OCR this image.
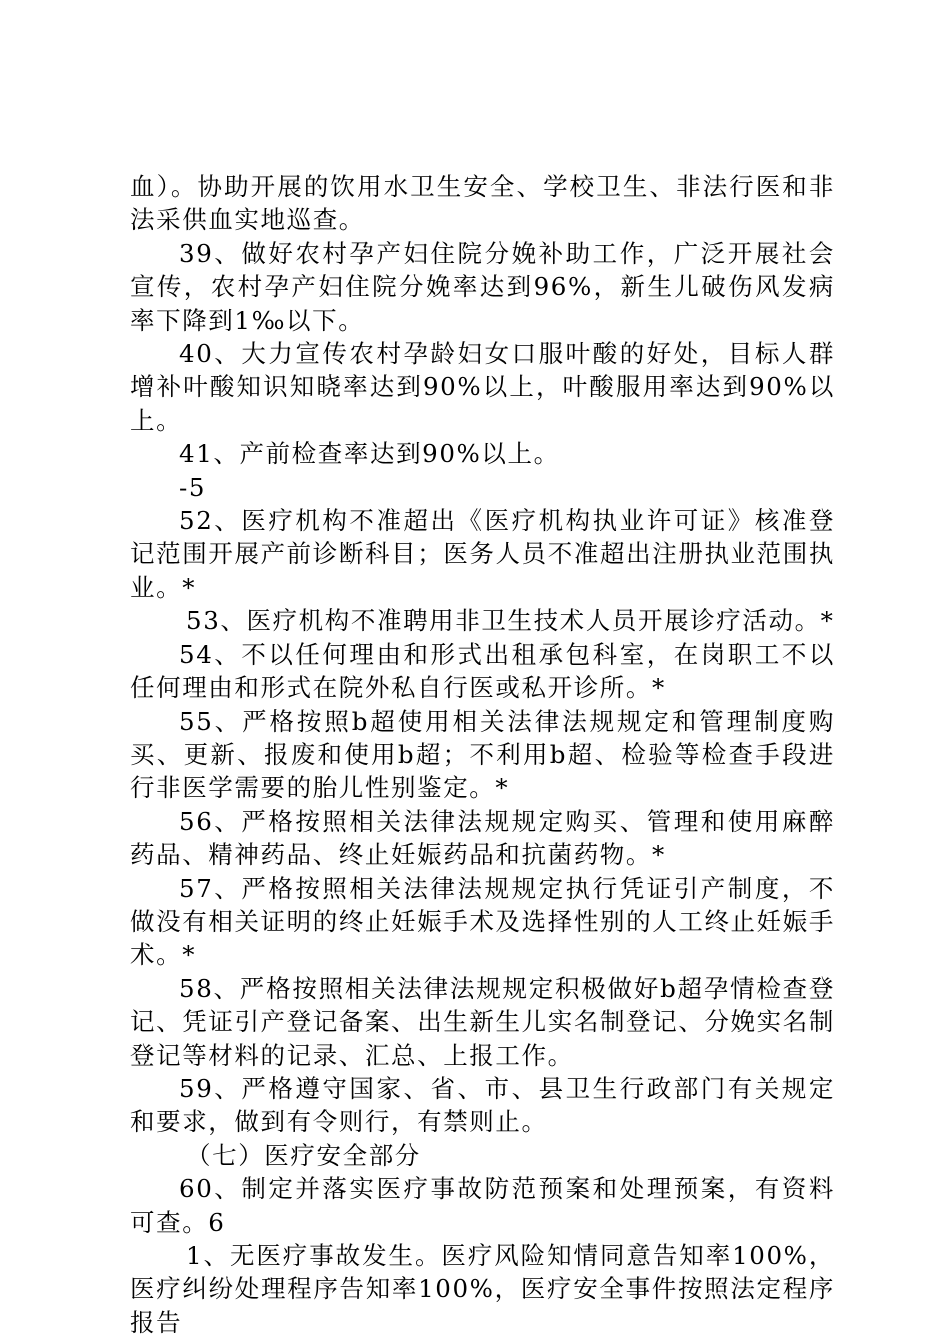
血）。协助开展的饮用水卫生安全、学校卫生、非法行医和非法采供血实地巡查。

39、做好农村孕产妇住院分娩补助工作，广泛开展社会宣传，农村孕产妇住院分娩率达到96%，新生儿破伤风发病率下降到1‰以下。

40、大力宣传农村孕龄妇女口服叶酸的好处，目标人群增补叶酸知识知晓率达到90%以上，叶酸服用率达到90%以上。

41、产前检查率达到90%以上。

-5

52、医疗机构不准超出《医疗机构执业许可证》核准登记范围开展产前诊断科目；医务人员不准超出注册执业范围执业。*

53、医疗机构不准聘用非卫生技术人员开展诊疗活动。*

54、不以任何理由和形式出租承包科室，在岗职工不以任何理由和形式在院外私自行医或私开诊所。*

55、严格按照b超使用相关法律法规规定和管理制度购买、更新、报废和使用b超；不利用b超、检验等检查手段进行非医学需要的胎儿性别鉴定。*

56、严格按照相关法律法规规定购买、管理和使用麻醉药品、精神药品、终止妊娠药品和抗菌药物。*

57、严格按照相关法律法规规定执行凭证引产制度，不做没有相关证明的终止妊娠手术及选择性别的人工终止妊娠手术。*

58、严格按照相关法律法规规定积极做好b超孕情检查登记、凭证引产登记备案、出生新生儿实名制登记、分娩实名制登记等材料的记录、汇总、上报工作。

59、严格遵守国家、省、市、县卫生行政部门有关规定和要求，做到有令则行，有禁则止。

（七）医疗安全部分

60、制定并落实医疗事故防范预案和处理预案，有资料可查。6

1、无医疗事故发生。医疗风险知情同意告知率100%，医疗纠纷处理程序告知率100%，医疗安全事件按照法定程序报告
